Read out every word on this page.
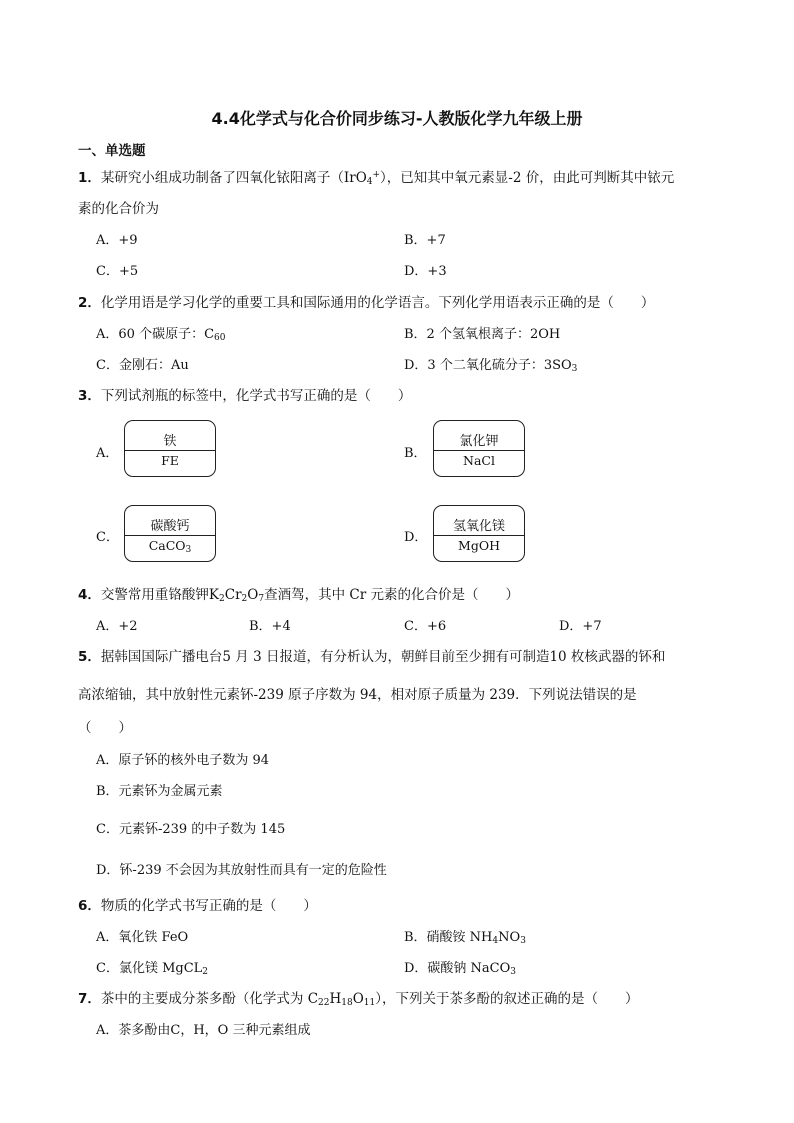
4.4化学式与化合价同步练习-人教版化学九年级上册
一、单选题
1．某研究小组成功制备了四氧化铱阳离子（IrO$_4$+），已知其中氧元素显-2 价，由此可判断其中铱元
素的化合价为
A．+9	B．+7
C．+5	D．+3
2．化学用语是学习化学的重要工具和国际通用的化学语言。下列化学用语表示正确的是（　　）
A．60 个碳原子：$C_{60}$	B．2 个氢氧根离子：2OH
C．金刚石：Au	D．3 个二氧化硫分子：$3SO_3$
3．下列试剂瓶的标签中，化学式书写正确的是（　　）
A．
铁
FE	B．
氯化钾
NaCl
C．
碳酸钙
CaCO$_3$
D．
氢氧化镁
MgOH
4．交警常用重铬酸钾$K_2Cr_2O_7$查酒驾，其中 Cr 元素的化合价是（　　）
A．+2	B．+4	C．+6	D．+7
5．据韩国国际广播电台5 月 3 日报道，有分析认为，朝鲜目前至少拥有可制造10 枚核武器的钚和
高浓缩铀，其中放射性元素钚-239 原子序数为 94，相对原子质量为 239．下列说法错误的是
（　　）
A．原子钚的核外电子数为 94
B．元素钚为金属元素
C．元素钚-239 的中子数为 145
D．钚-239 不会因为其放射性而具有一定的危险性
6．物质的化学式书写正确的是（　　）
A．氧化铁 FeO	B．硝酸铵 $NH_4NO_3$
C．氯化镁 MgCL$_2$	D．碳酸钠 NaCO$_3$
7．茶中的主要成分茶多酚（化学式为 $C_{22}H_{18}O_{11}$），下列关于茶多酚的叙述正确的是（　　）
A．茶多酚由C，H，O 三种元素组成
